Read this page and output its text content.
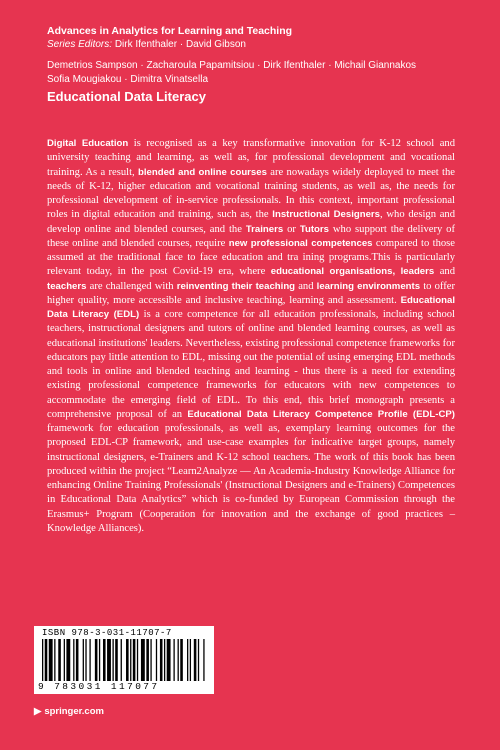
Advances in Analytics for Learning and Teaching
Series Editors: Dirk Ifenthaler · David Gibson
Demetrios Sampson · Zacharoula Papamitsiou · Dirk Ifenthaler · Michail Giannakos
Sofia Mougiakou · Dimitra Vinatsella
Educational Data Literacy
Digital Education is recognised as a key transformative innovation for K-12 school and university teaching and learning, as well as, for professional development and vocational training. As a result, blended and online courses are nowadays widely deployed to meet the needs of K-12, higher education and vocational training students, as well as, the needs for professional development of in-service professionals. In this context, important professional roles in digital education and training, such as, the Instructional Designers, who design and develop online and blended courses, and the Trainers or Tutors who support the delivery of these online and blended courses, require new professional competences compared to those assumed at the traditional face to face education and tra ining programs.This is particularly relevant today, in the post Covid-19 era, where educational organisations, leaders and teachers are challenged with reinventing their teaching and learning environments to offer higher quality, more accessible and inclusive teaching, learning and assessment. Educational Data Literacy (EDL) is a core competence for all education professionals, including school teachers, instructional designers and tutors of online and blended learning courses, as well as educational institutions' leaders. Nevertheless, existing professional competence frameworks for educators pay little attention to EDL, missing out the potential of using emerging EDL methods and tools in online and blended teaching and learning - thus there is a need for extending existing professional competence frameworks for educators with new competences to accommodate the emerging field of EDL. To this end, this brief monograph presents a comprehensive proposal of an Educational Data Literacy Competence Profile (EDL-CP) framework for education professionals, as well as, exemplary learning outcomes for the proposed EDL-CP framework, and use-case examples for indicative target groups, namely instructional designers, e-Trainers and K-12 school teachers. The work of this book has been produced within the project “Learn2Analyze — An Academia-Industry Knowledge Alliance for enhancing Online Training Professionals' (Instructional Designers and e-Trainers) Competences in Educational Data Analytics” which is co-funded by European Commission through the Erasmus+ Program (Cooperation for innovation and the exchange of good practices – Knowledge Alliances).
ISBN 978-3-031-11707-7
9 783031 117077
▶ springer.com
